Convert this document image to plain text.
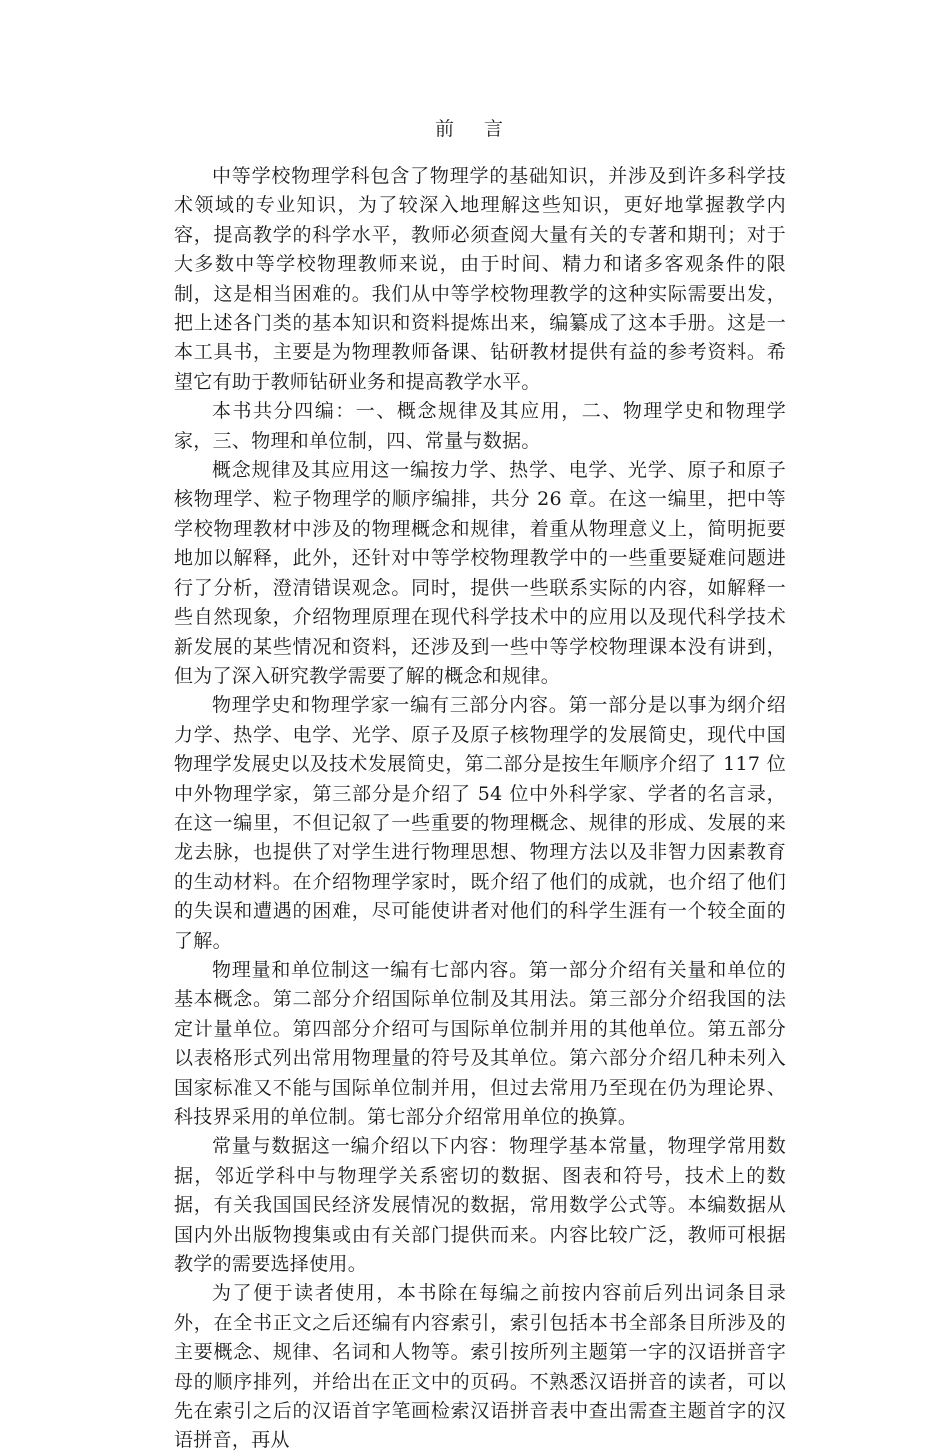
前 言

中等学校物理学科包含了物理学的基础知识，并涉及到许多科学技术领域的专业知识，为了较深入地理解这些知识，更好地掌握教学内容，提高教学的科学水平，教师必须查阅大量有关的专著和期刊；对于大多数中等学校物理教师来说，由于时间、精力和诸多客观条件的限制，这是相当困难的。我们从中等学校物理教学的这种实际需要出发，把上述各门类的基本知识和资料提炼出来，编纂成了这本手册。这是一本工具书，主要是为物理教师备课、钻研教材提供有益的参考资料。希望它有助于教师钻研业务和提高教学水平。

本书共分四编：一、概念规律及其应用，二、物理学史和物理学家，三、物理和单位制，四、常量与数据。

概念规律及其应用这一编按力学、热学、电学、光学、原子和原子核物理学、粒子物理学的顺序编排，共分 26 章。在这一编里，把中等学校物理教材中涉及的物理概念和规律，着重从物理意义上，简明扼要地加以解释，此外，还针对中等学校物理教学中的一些重要疑难问题进行了分析，澄清错误观念。同时，提供一些联系实际的内容，如解释一些自然现象，介绍物理原理在现代科学技术中的应用以及现代科学技术新发展的某些情况和资料，还涉及到一些中等学校物理课本没有讲到，但为了深入研究教学需要了解的概念和规律。

物理学史和物理学家一编有三部分内容。第一部分是以事为纲介绍力学、热学、电学、光学、原子及原子核物理学的发展简史，现代中国物理学发展史以及技术发展简史，第二部分是按生年顺序介绍了 117 位中外物理学家，第三部分是介绍了 54 位中外科学家、学者的名言录，在这一编里，不但记叙了一些重要的物理概念、规律的形成、发展的来龙去脉，也提供了对学生进行物理思想、物理方法以及非智力因素教育的生动材料。在介绍物理学家时，既介绍了他们的成就，也介绍了他们的失误和遭遇的困难，尽可能使讲者对他们的科学生涯有一个较全面的了解。

物理量和单位制这一编有七部内容。第一部分介绍有关量和单位的基本概念。第二部分介绍国际单位制及其用法。第三部分介绍我国的法定计量单位。第四部分介绍可与国际单位制并用的其他单位。第五部分以表格形式列出常用物理量的符号及其单位。第六部分介绍几种未列入国家标准又不能与国际单位制并用，但过去常用乃至现在仍为理论界、科技界采用的单位制。第七部分介绍常用单位的换算。

常量与数据这一编介绍以下内容：物理学基本常量，物理学常用数据，邻近学科中与物理学关系密切的数据、图表和符号，技术上的数据，有关我国国民经济发展情况的数据，常用数学公式等。本编数据从国内外出版物搜集或由有关部门提供而来。内容比较广泛，教师可根据教学的需要选择使用。

为了便于读者使用，本书除在每编之前按内容前后列出词条目录外，在全书正文之后还编有内容索引，索引包括本书全部条目所涉及的主要概念、规律、名词和人物等。索引按所列主题第一字的汉语拼音字母的顺序排列，并给出在正文中的页码。不熟悉汉语拼音的读者，可以先在索引之后的汉语首字笔画检索汉语拼音表中查出需查主题首字的汉语拼音，再从
